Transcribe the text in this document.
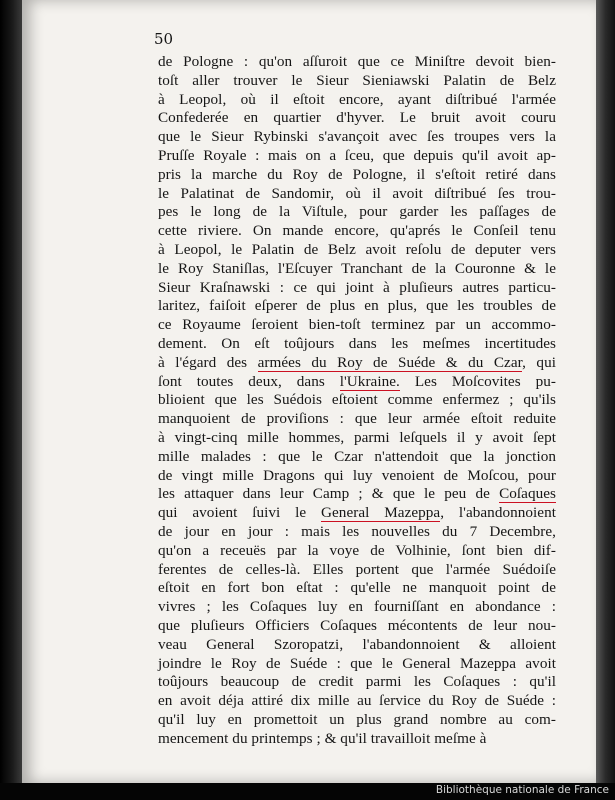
50
de Pologne : qu'on aſſuroit que ce Miniſtre devoit bien-
toſt aller trouver le Sieur Sieniawski Palatin de Belz
à Leopol, où il eſtoit encore, ayant diſtribué l'armée
Confederée en quartier d'hyver. Le bruit avoit couru
que le Sieur Rybinski s'avançoit avec ſes troupes vers la
Pruſſe Royale : mais on a ſceu, que depuis qu'il avoit ap-
pris la marche du Roy de Pologne, il s'eſtoit retiré dans
le Palatinat de Sandomir, où il avoit diſtribué ſes trou-
pes le long de la Viſtule, pour garder les paſſages de
cette riviere. On mande encore, qu'aprés le Conſeil tenu
à Leopol, le Palatin de Belz avoit reſolu de deputer vers
le Roy Staniſlas, l'Eſcuyer Tranchant de la Couronne & le
Sieur Kraſnawski : ce qui joint à pluſieurs autres particu-
laritez, faiſoit eſperer de plus en plus, que les troubles de
ce Royaume ſeroient bien-toſt terminez par un accommo-
dement. On eſt toûjours dans les meſmes incertitudes
à l'égard des armées du Roy de Suéde & du Czar, qui
ſont toutes deux, dans l'Ukraine. Les Moſcovites pu-
blioient que les Suédois eſtoient comme enfermez ; qu'ils
manquoient de proviſions : que leur armée eſtoit reduite
à vingt-cinq mille hommes, parmi leſquels il y avoit ſept
mille malades : que le Czar n'attendoit que la jonction
de vingt mille Dragons qui luy venoient de Moſcou, pour
les attaquer dans leur Camp ; & que le peu de Coſaques
qui avoient ſuivi le General Mazeppa, l'abandonnoient
de jour en jour : mais les nouvelles du 7 Decembre,
qu'on a receuës par la voye de Volhinie, ſont bien dif-
ferentes de celles-là. Elles portent que l'armée Suédoiſe
eſtoit en fort bon eſtat : qu'elle ne manquoit point de
vivres ; les Coſaques luy en fourniſſant en abondance :
que pluſieurs Officiers Coſaques mécontents de leur nou-
veau General Szoropatzi, l'abandonnoient & alloient
joindre le Roy de Suéde : que le General Mazeppa avoit
toûjours beaucoup de credit parmi les Coſaques : qu'il
en avoit déja attiré dix mille au ſervice du Roy de Suéde :
qu'il luy en promettoit un plus grand nombre au com-
mencement du printemps ; & qu'il travailloit meſme à
Bibliothèque nationale de France
